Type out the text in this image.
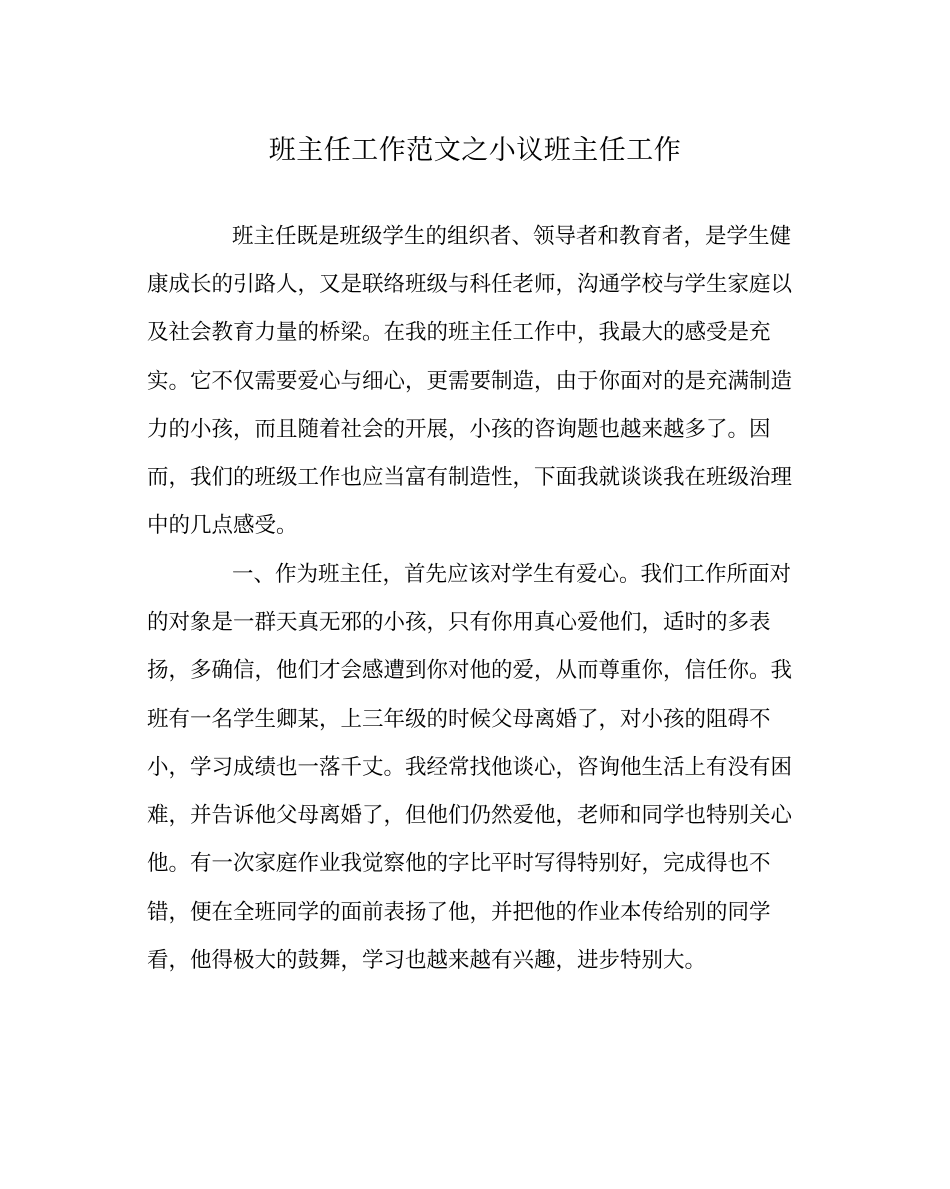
班主任工作范文之小议班主任工作

班主任既是班级学生的组织者、领导者和教育者，是学生健

康成长的引路人，又是联络班级与科任老师，沟通学校与学生家庭以

及社会教育力量的桥梁。在我的班主任工作中，我最大的感受是充

实。它不仅需要爱心与细心，更需要制造，由于你面对的是充满制造

力的小孩，而且随着社会的开展，小孩的咨询题也越来越多了。因

而，我们的班级工作也应当富有制造性，下面我就谈谈我在班级治理

中的几点感受。

一、作为班主任，首先应该对学生有爱心。我们工作所面对

的对象是一群天真无邪的小孩，只有你用真心爱他们，适时的多表

扬，多确信，他们才会感遭到你对他的爱，从而尊重你，信任你。我

班有一名学生卿某，上三年级的时候父母离婚了，对小孩的阻碍不

小，学习成绩也一落千丈。我经常找他谈心，咨询他生活上有没有困

难，并告诉他父母离婚了，但他们仍然爱他，老师和同学也特别关心

他。有一次家庭作业我觉察他的字比平时写得特别好，完成得也不

错，便在全班同学的面前表扬了他，并把他的作业本传给别的同学

看，他得极大的鼓舞，学习也越来越有兴趣，进步特别大。
